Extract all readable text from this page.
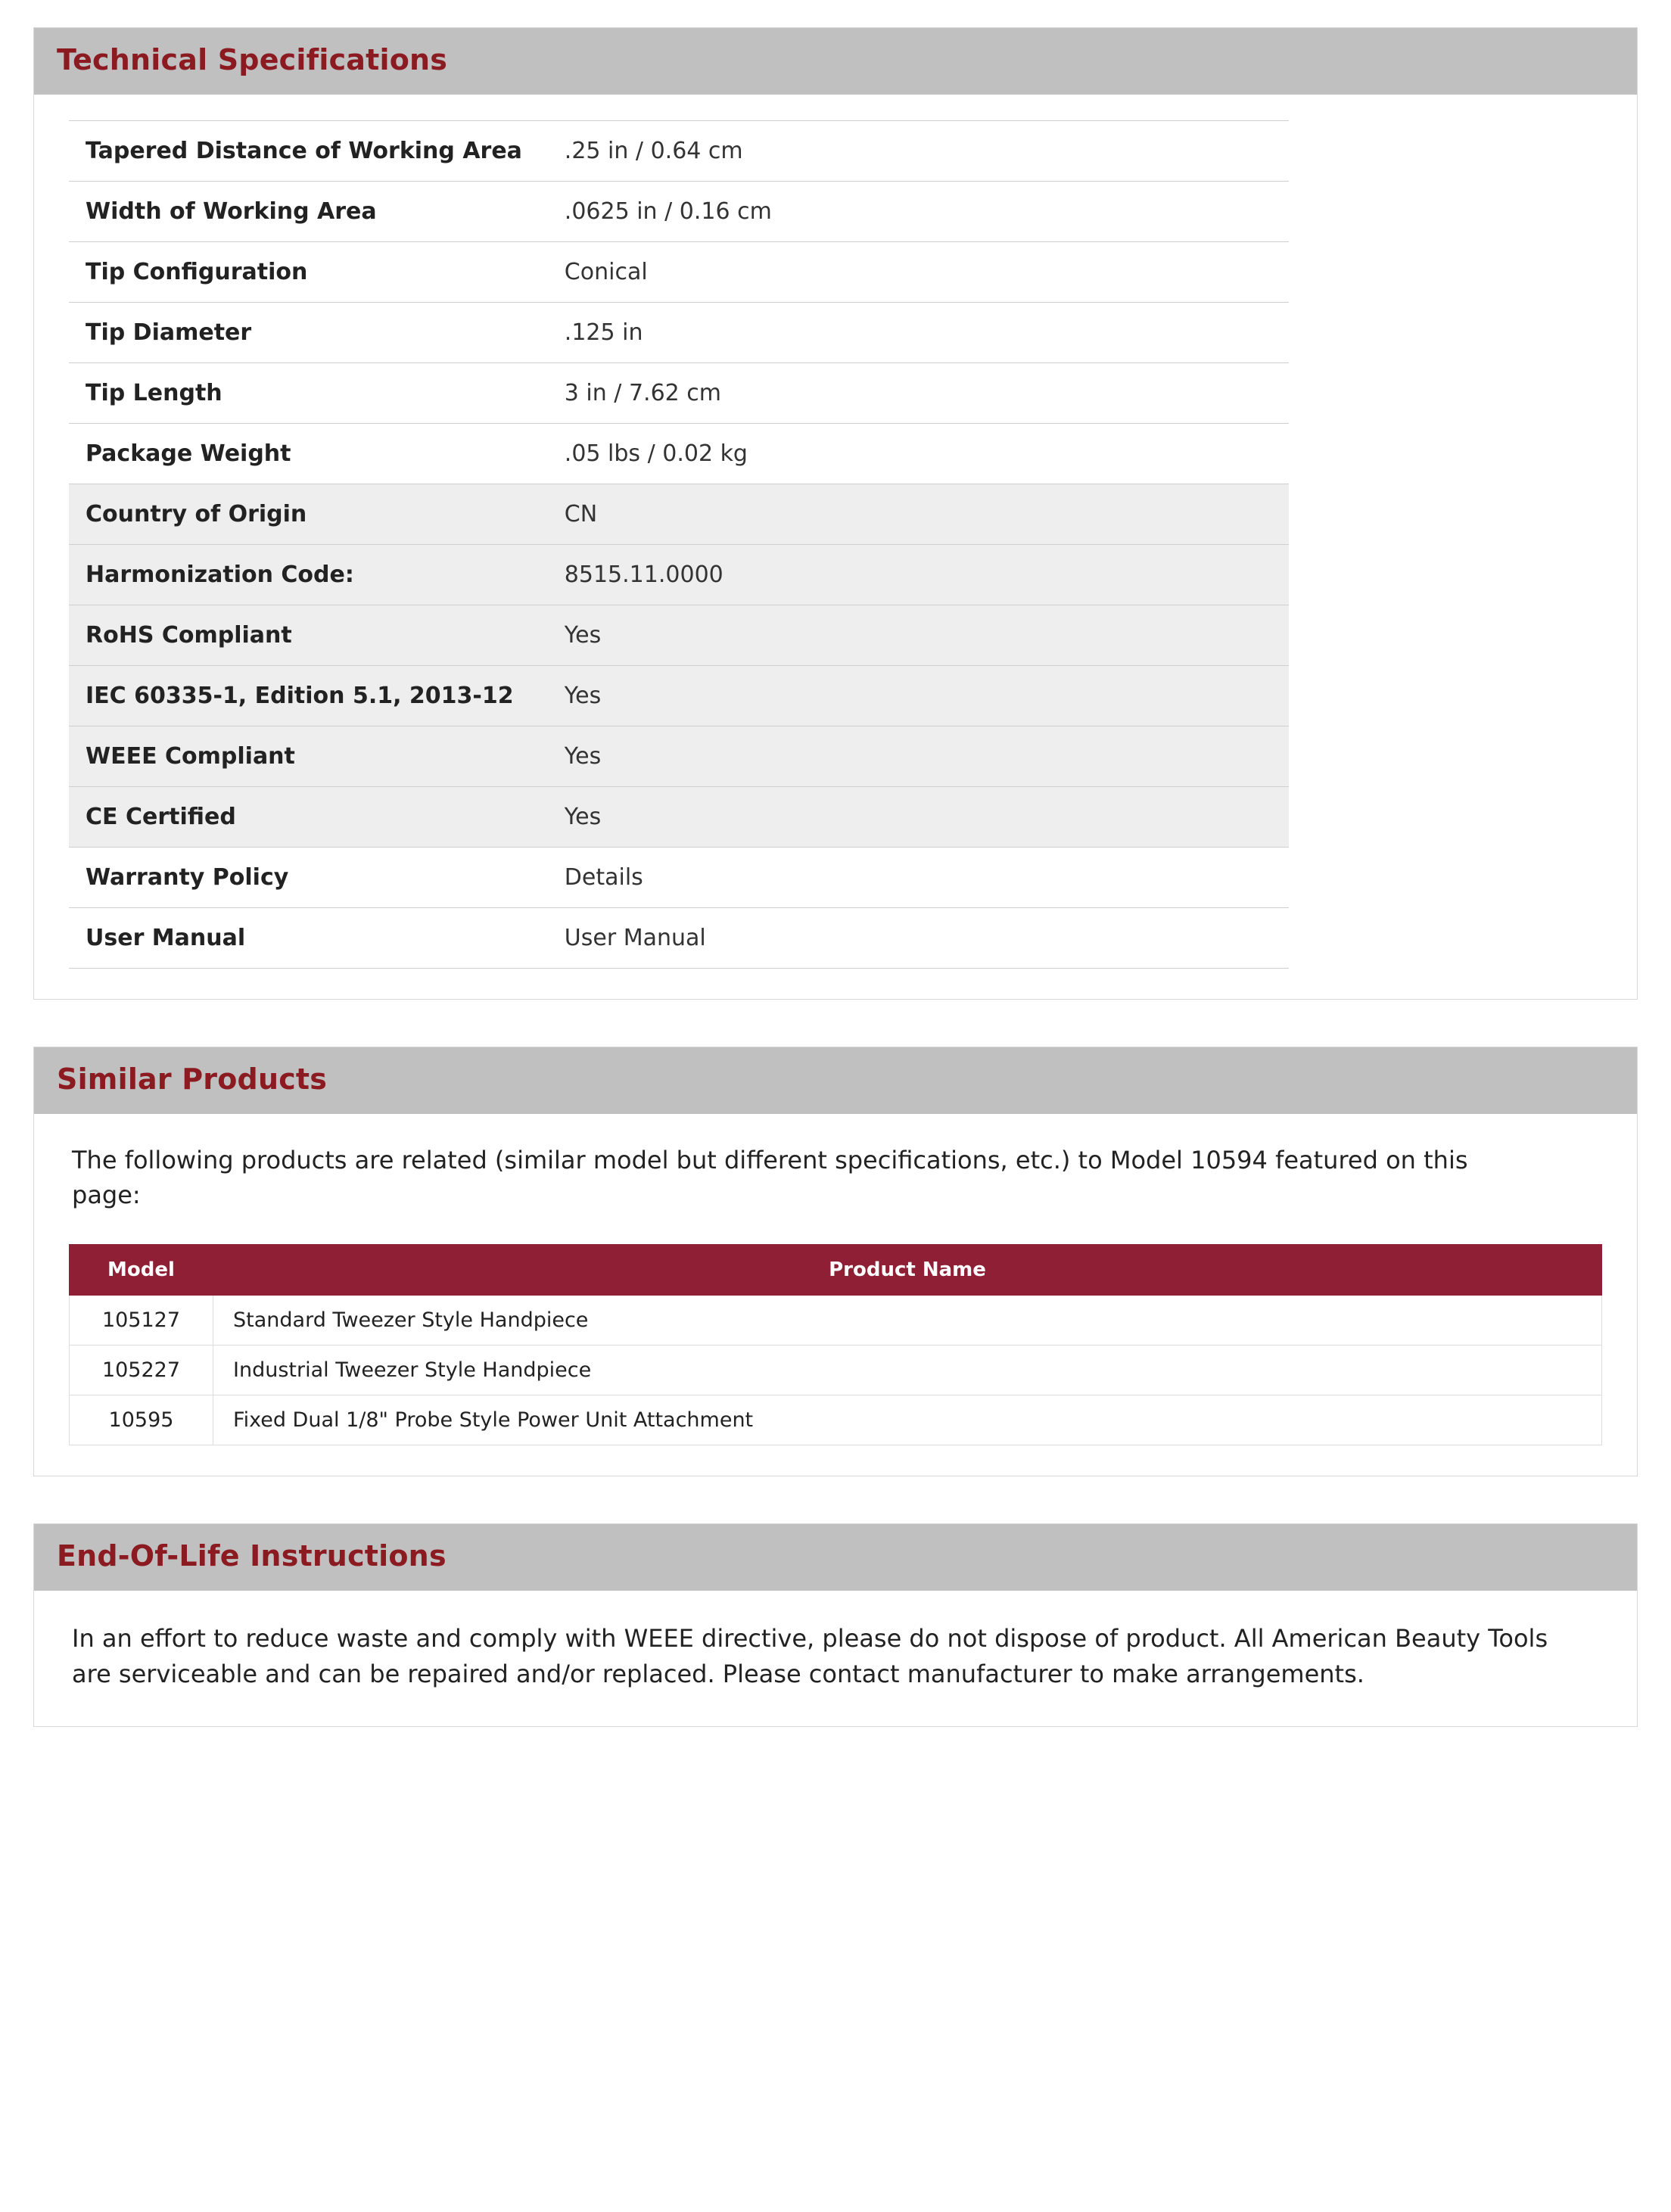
Technical Specifications
Tapered Distance of Working Area	.25 in / 0.64 cm
Width of Working Area	.0625 in / 0.16 cm
Tip Configuration	Conical
Tip Diameter	.125 in
Tip Length	3 in / 7.62 cm
Package Weight	.05 lbs / 0.02 kg
Country of Origin	CN
Harmonization Code:	8515.11.0000
RoHS Compliant	Yes
IEC 60335-1, Edition 5.1, 2013-12	Yes
WEEE Compliant	Yes
CE Certified	Yes
Warranty Policy	Details
User Manual	User Manual
Similar Products

The following products are related (similar model but different specifications, etc.) to Model 10594 featured on this page:

Model	Product Name
105127	Standard Tweezer Style Handpiece
105227	Industrial Tweezer Style Handpiece
10595	Fixed Dual 1/8" Probe Style Power Unit Attachment
End-Of-Life Instructions

In an effort to reduce waste and comply with WEEE directive, please do not dispose of product. All American Beauty Tools are serviceable and can be repaired and/or replaced. Please contact manufacturer to make arrangements.
